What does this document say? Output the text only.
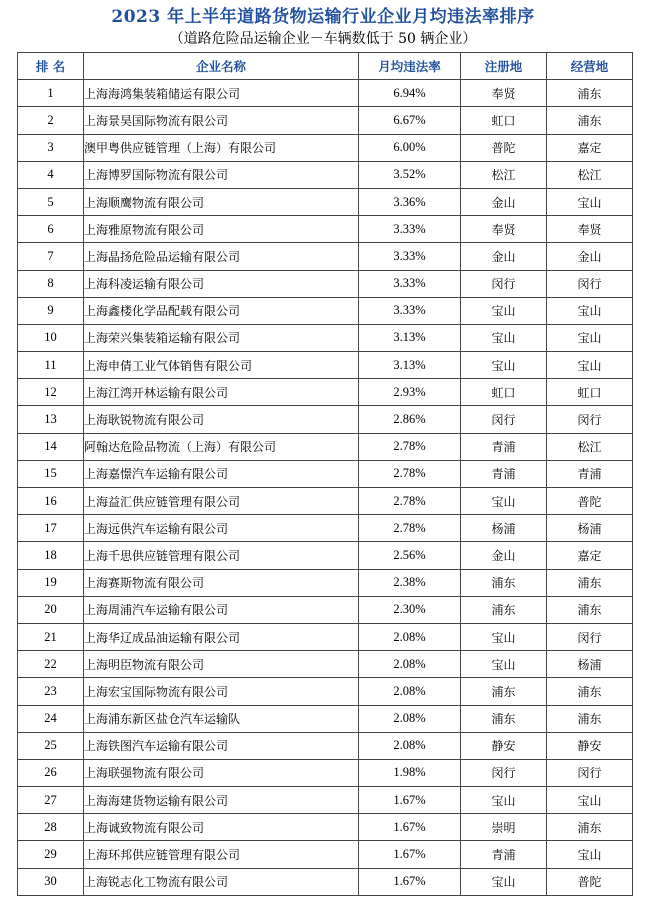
2023 年上半年道路货物运输行业企业月均违法率排序
（道路危险品运输企业－车辆数低于 50 辆企业）
排 名	企业名称	月均违法率	注册地	经营地
1	上海海鸿集装箱储运有限公司	6.94%	奉贤	浦东
2	上海景昊国际物流有限公司	6.67%	虹口	浦东
3	澳甲粤供应链管理（上海）有限公司	6.00%	普陀	嘉定
4	上海博罗国际物流有限公司	3.52%	松江	松江
5	上海顺鹰物流有限公司	3.36%	金山	宝山
6	上海雅原物流有限公司	3.33%	奉贤	奉贤
7	上海晶扬危险品运输有限公司	3.33%	金山	金山
8	上海科凌运输有限公司	3.33%	闵行	闵行
9	上海鑫楼化学品配载有限公司	3.33%	宝山	宝山
10	上海荣兴集装箱运输有限公司	3.13%	宝山	宝山
11	上海申倩工业气体销售有限公司	3.13%	宝山	宝山
12	上海江湾开林运输有限公司	2.93%	虹口	虹口
13	上海耿锐物流有限公司	2.86%	闵行	闵行
14	阿翰达危险品物流（上海）有限公司	2.78%	青浦	松江
15	上海嘉憬汽车运输有限公司	2.78%	青浦	青浦
16	上海益汇供应链管理有限公司	2.78%	宝山	普陀
17	上海远供汽车运输有限公司	2.78%	杨浦	杨浦
18	上海千思供应链管理有限公司	2.56%	金山	嘉定
19	上海赛斯物流有限公司	2.38%	浦东	浦东
20	上海周浦汽车运输有限公司	2.30%	浦东	浦东
21	上海华辽成品油运输有限公司	2.08%	宝山	闵行
22	上海明臣物流有限公司	2.08%	宝山	杨浦
23	上海宏宝国际物流有限公司	2.08%	浦东	浦东
24	上海浦东新区盐仓汽车运输队	2.08%	浦东	浦东
25	上海铁图汽车运输有限公司	2.08%	静安	静安
26	上海联强物流有限公司	1.98%	闵行	闵行
27	上海海建货物运输有限公司	1.67%	宝山	宝山
28	上海诚致物流有限公司	1.67%	崇明	浦东
29	上海环邦供应链管理有限公司	1.67%	青浦	宝山
30	上海锐志化工物流有限公司	1.67%	宝山	普陀
